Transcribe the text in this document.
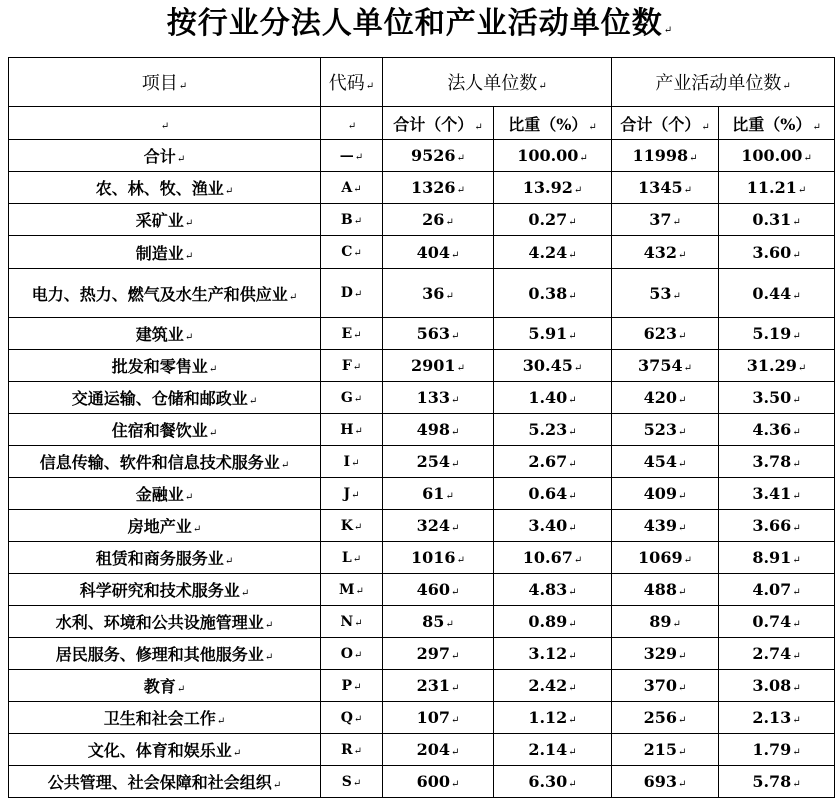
按行业分法人单位和产业活动单位数↵
项目↵	代码↵	法人单位数↵		产业活动单位数↵	
↵	↵	合计（个）↵	比重（%）↵	合计（个）↵	比重（%）↵
合计↵	—↵	9526↵	100.00↵	11998↵	100.00↵
农、林、牧、渔业↵	A↵	1326↵	13.92↵	1345↵	11.21↵
采矿业↵	B↵	26↵	0.27↵	37↵	0.31↵
制造业↵	C↵	404↵	4.24↵	432↵	3.60↵
电力、热力、燃气及水生产和供应业↵	D↵	36↵	0.38↵	53↵	0.44↵
建筑业↵	E↵	563↵	5.91↵	623↵	5.19↵
批发和零售业↵	F↵	2901↵	30.45↵	3754↵	31.29↵
交通运输、仓储和邮政业↵	G↵	133↵	1.40↵	420↵	3.50↵
住宿和餐饮业↵	H↵	498↵	5.23↵	523↵	4.36↵
信息传输、软件和信息技术服务业↵	I↵	254↵	2.67↵	454↵	3.78↵
金融业↵	J↵	61↵	0.64↵	409↵	3.41↵
房地产业↵	K↵	324↵	3.40↵	439↵	3.66↵
租赁和商务服务业↵	L↵	1016↵	10.67↵	1069↵	8.91↵
科学研究和技术服务业↵	M↵	460↵	4.83↵	488↵	4.07↵
水利、环境和公共设施管理业↵	N↵	85↵	0.89↵	89↵	0.74↵
居民服务、修理和其他服务业↵	O↵	297↵	3.12↵	329↵	2.74↵
教育↵	P↵	231↵	2.42↵	370↵	3.08↵
卫生和社会工作↵	Q↵	107↵	1.12↵	256↵	2.13↵
文化、体育和娱乐业↵	R↵	204↵	2.14↵	215↵	1.79↵
公共管理、社会保障和社会组织↵	S↵	600↵	6.30↵	693↵	5.78↵
